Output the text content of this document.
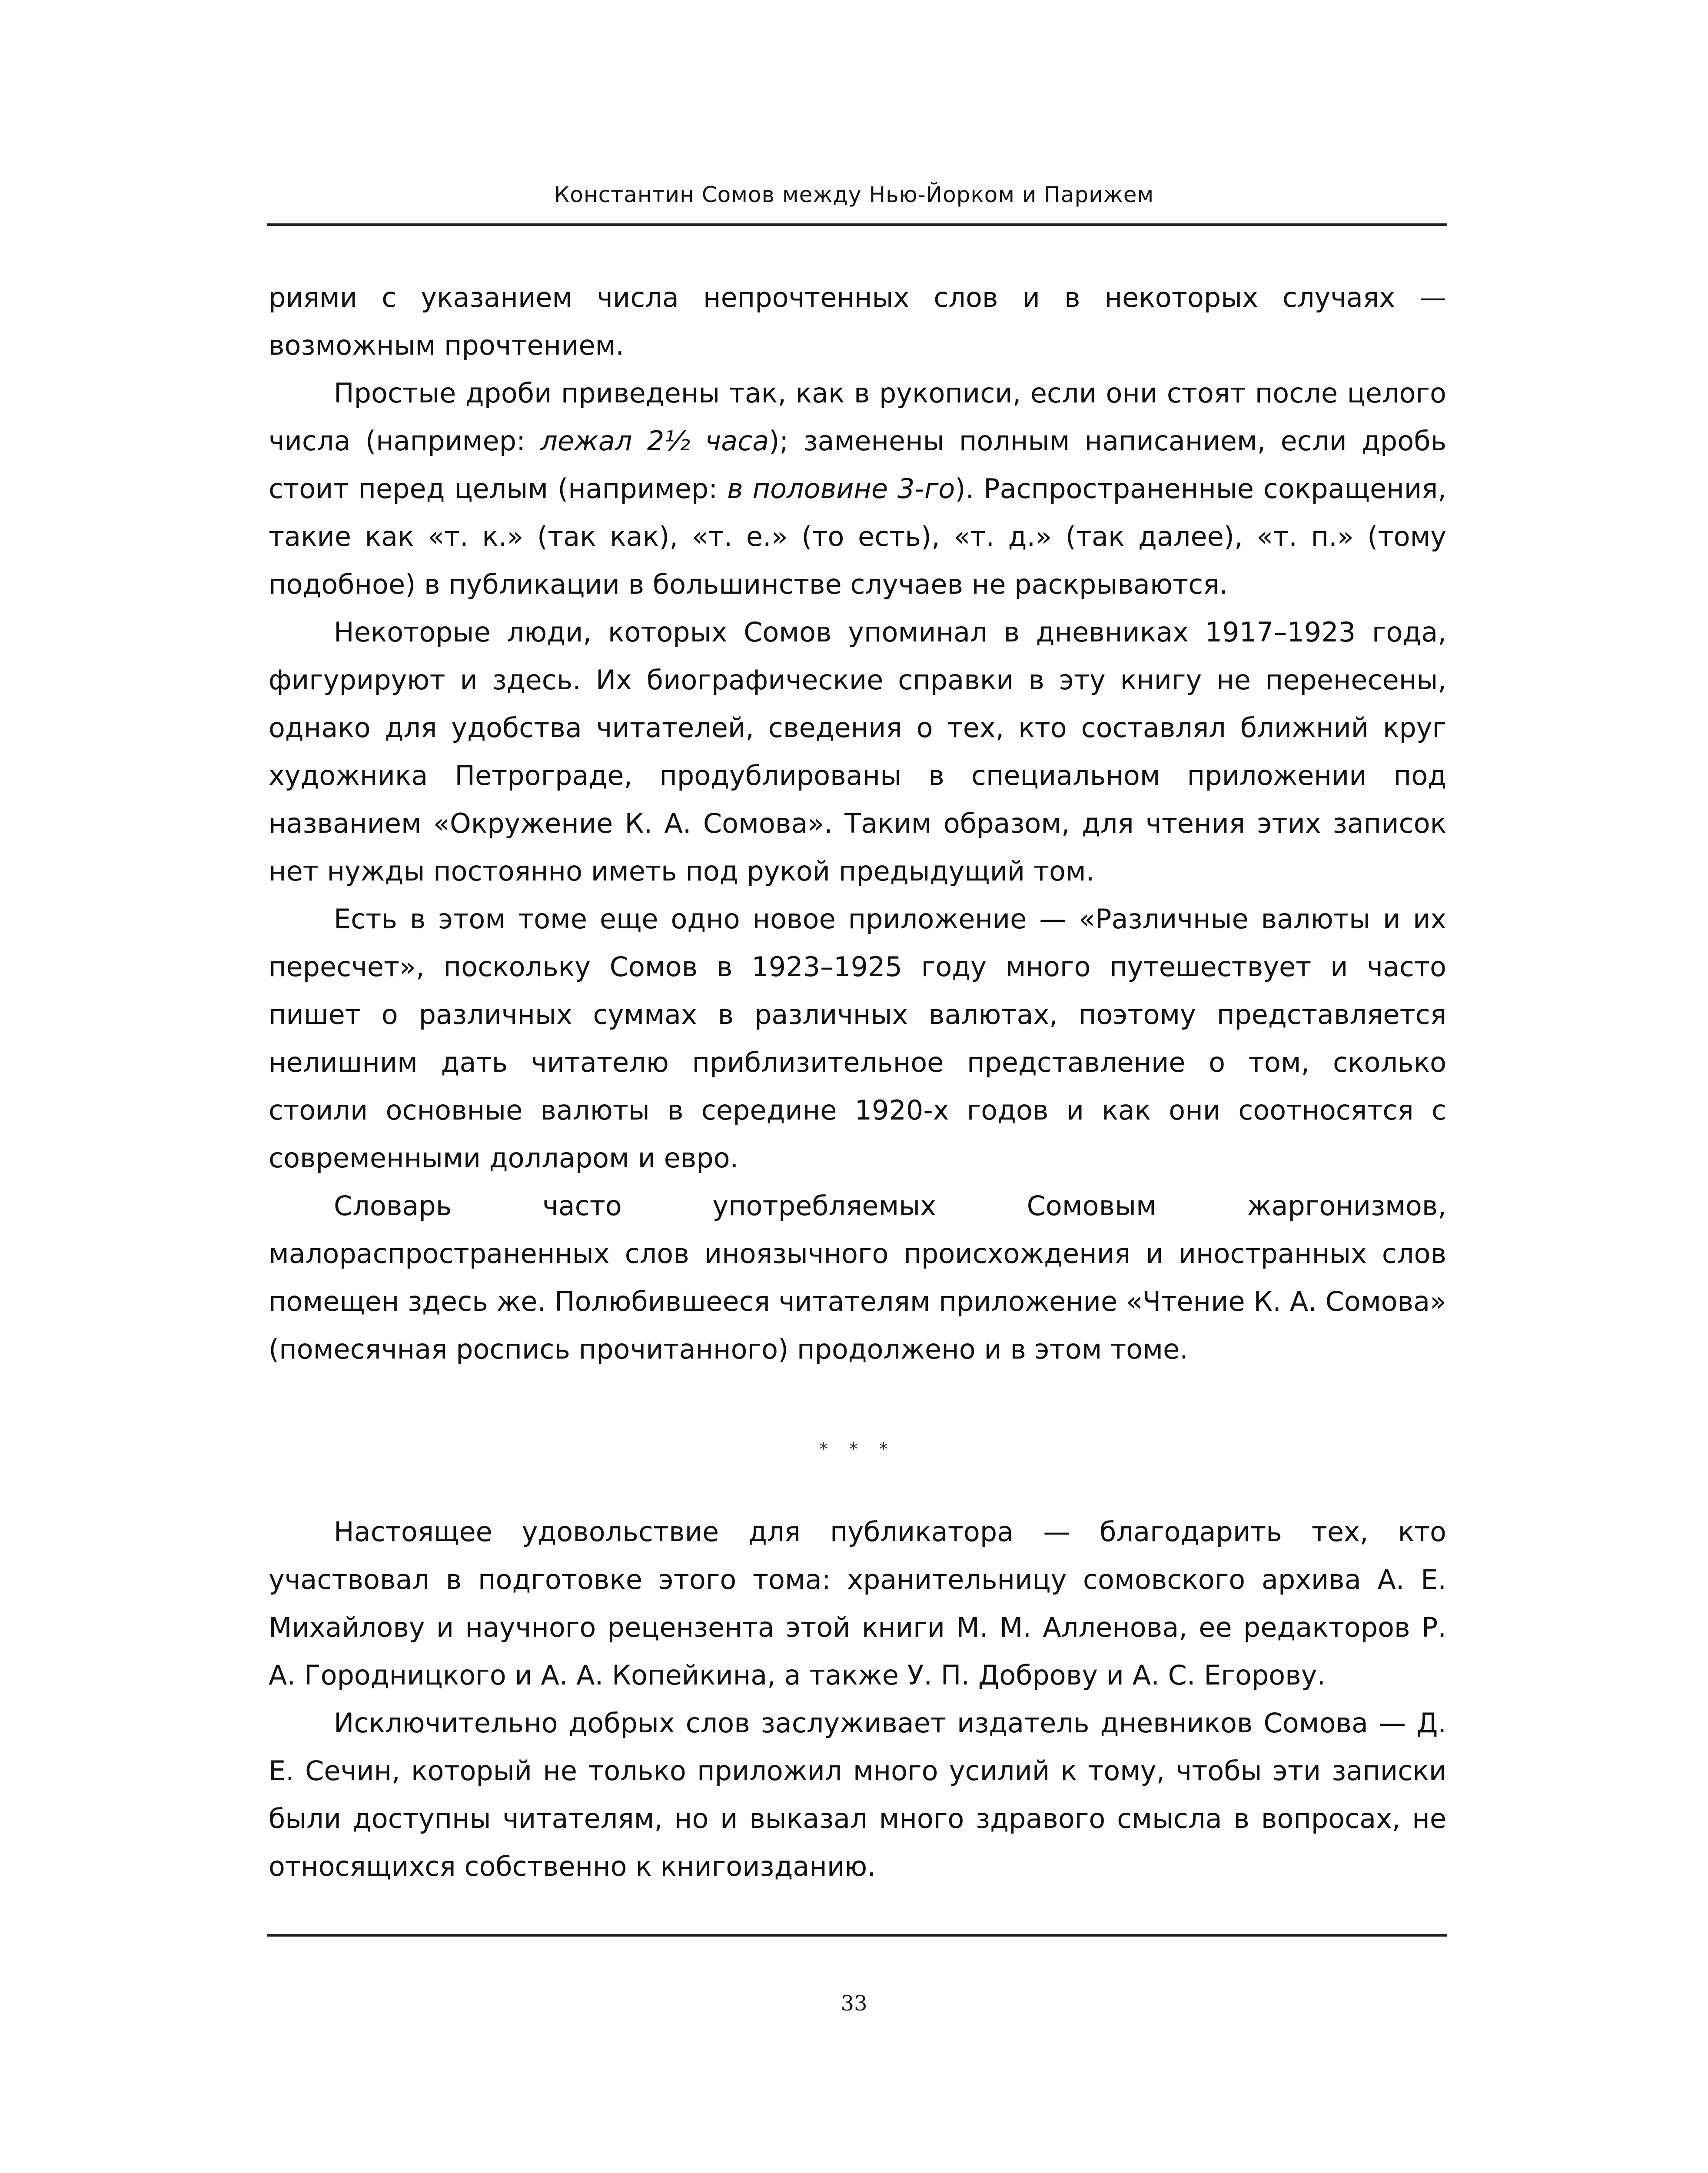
Константин Сомов между Нью-Йорком и Парижем

риями с указанием числа непрочтенных слов и в некоторых случаях — возможным прочтением.

Простые дроби приведены так, как в рукописи, если они стоят после целого числа (например: лежал 2½ часа); заменены полным написанием, если дробь стоит перед целым (например: в половине 3-го). Распространенные сокращения, такие как «т. к.» (так как), «т. е.» (то есть), «т. д.» (так далее), «т. п.» (тому подобное) в публикации в большинстве случаев не раскрываются.

Некоторые люди, которых Сомов упоминал в дневниках 1917–1923 года, фигурируют и здесь. Их биографические справки в эту книгу не перенесены, однако для удобства читателей, сведения о тех, кто составлял ближний круг художника Петрограде, продублированы в специальном приложении под названием «Окружение К. А. Сомова». Таким образом, для чтения этих записок нет нужды постоянно иметь под рукой предыдущий том.

Есть в этом томе еще одно новое приложение — «Различные валюты и их пересчет», поскольку Сомов в 1923–1925 году много путешествует и часто пишет о различных суммах в различных валютах, поэтому представляется нелишним дать читателю приблизительное представление о том, сколько стоили основные валюты в середине 1920-х годов и как они соотносятся с современными долларом и евро.

Словарь часто употребляемых Сомовым жаргонизмов, малораспространенных слов иноязычного происхождения и иностранных слов помещен здесь же. Полюбившееся читателям приложение «Чтение К. А. Сомова» (помесячная роспись прочитанного) продолжено и в этом томе.

* * *

Настоящее удовольствие для публикатора — благодарить тех, кто участвовал в подготовке этого тома: хранительницу сомовского архива А. Е. Михайлову и научного рецензента этой книги М. М. Алленова, ее редакторов Р. А. Городницкого и А. А. Копейкина, а также У. П. Доброву и А. С. Егорову.

Исключительно добрых слов заслуживает издатель дневников Сомова — Д. Е. Сечин, который не только приложил много усилий к тому, чтобы эти записки были доступны читателям, но и выказал много здравого смысла в вопросах, не относящихся собственно к книгоизданию.

33
